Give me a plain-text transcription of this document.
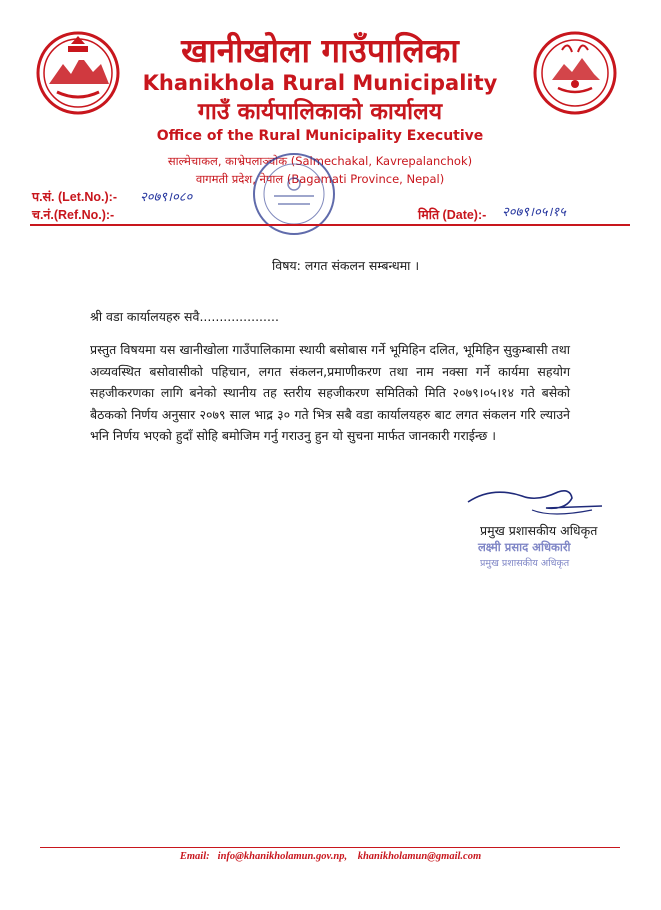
खानीखोला गाउँपालिका
Khanikhola Rural Municipality
गाउँ कार्यपालिकाको कार्यालय
Office of the Rural Municipality Executive
साल्मेचाकल, काभ्रेपलाञ्चोक (Salmechakal, Kavrepalanchok)
वागमती प्रदेश, नेपाल (Bagamati Province, Nepal)
प.सं. (Let.No.):- २०७९।०८०
च.नं.(Ref.No.):-	मिति (Date):- २०७९।०५।१५
विषय: लगत संकलन सम्बन्धमा ।
श्री वडा कार्यालयहरु सवै....................
प्रस्तुत विषयमा यस खानीखोला गाउँपालिकामा स्थायी बसोबास गर्ने भूमिहिन दलित, भूमिहिन सुकुम्बासी तथा अव्यवस्थित बसोवासीको पहिचान, लगत संकलन,प्रमाणीकरण तथा नाम नक्सा गर्ने कार्यमा सहयोग सहजीकरणका लागि बनेको स्थानीय तह स्तरीय सहजीकरण समितिको मिति २०७९।०५।१४ गते बसेको बैठकको निर्णय अनुसार २०७९ साल भाद्र ३० गते भित्र सबै वडा कार्यालयहरु बाट लगत संकलन गरि ल्याउने भनि निर्णय भएको हुदाँ सोहि बमोजिम गर्नु गराउनु हुन यो सुचना मार्फत जानकारी गराईन्छ ।
प्रमुख प्रशासकीय अधिकृत
लक्ष्मी प्रसाद अधिकारी
प्रमुख प्रशासकीय अधिकृत
Email: info@khanikholamun.gov.np, khanikholamun@gmail.com
